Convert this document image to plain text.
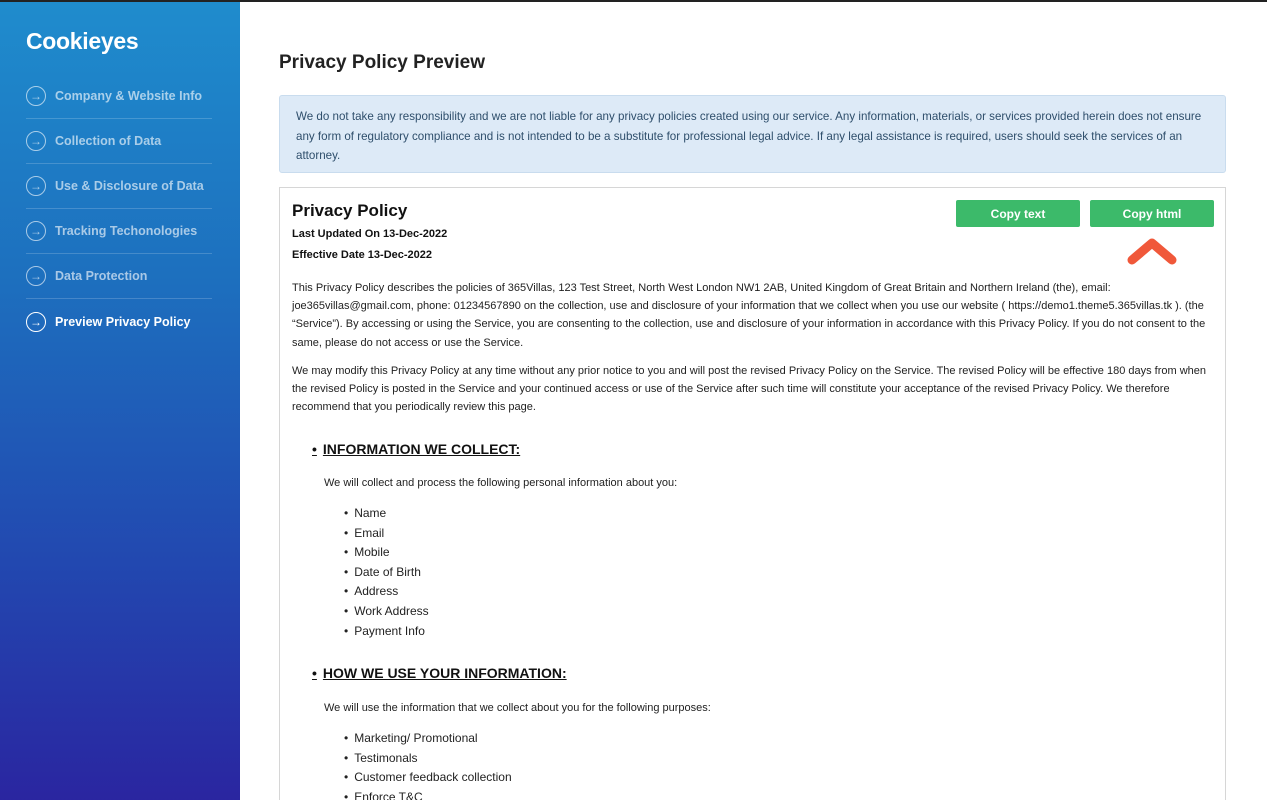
Cookieyes
→	Company & Website Info
→	Collection of Data
→	Use & Disclosure of Data
→	Tracking Techonologies
→	Data Protection
→	Preview Privacy Policy
Privacy Policy Preview
We do not take any responsibility and we are not liable for any privacy policies created using our service. Any information, materials, or services provided herein does not ensure any form of regulatory compliance and is not intended to be a substitute for professional legal advice. If any legal assistance is required, users should seek the services of an attorney.
Privacy Policy
Last Updated On 13-Dec-2022
Effective Date 13-Dec-2022
Copy text	Copy html

This Privacy Policy describes the policies of 365Villas, 123 Test Street, North West London NW1 2AB, United Kingdom of Great Britain and Northern Ireland (the), email: joe365villas@gmail.com, phone: 01234567890 on the collection, use and disclosure of your information that we collect when you use our website ( https://demo1.theme5.365villas.tk ). (the “Service”). By accessing or using the Service, you are consenting to the collection, use and disclosure of your information in accordance with this Privacy Policy. If you do not consent to the same, please do not access or use the Service.

We may modify this Privacy Policy at any time without any prior notice to you and will post the revised Privacy Policy on the Service. The revised Policy will be effective 180 days from when the revised Policy is posted in the Service and your continued access or use of the Service after such time will constitute your acceptance of the revised Privacy Policy. We therefore recommend that you periodically review this page.

• INFORMATION WE COLLECT:
We will collect and process the following personal information about you:
• Name
• Email
• Mobile
• Date of Birth
• Address
• Work Address
• Payment Info
• HOW WE USE YOUR INFORMATION:
We will use the information that we collect about you for the following purposes:
• Marketing/ Promotional
• Testimonals
• Customer feedback collection
• Enforce T&C
